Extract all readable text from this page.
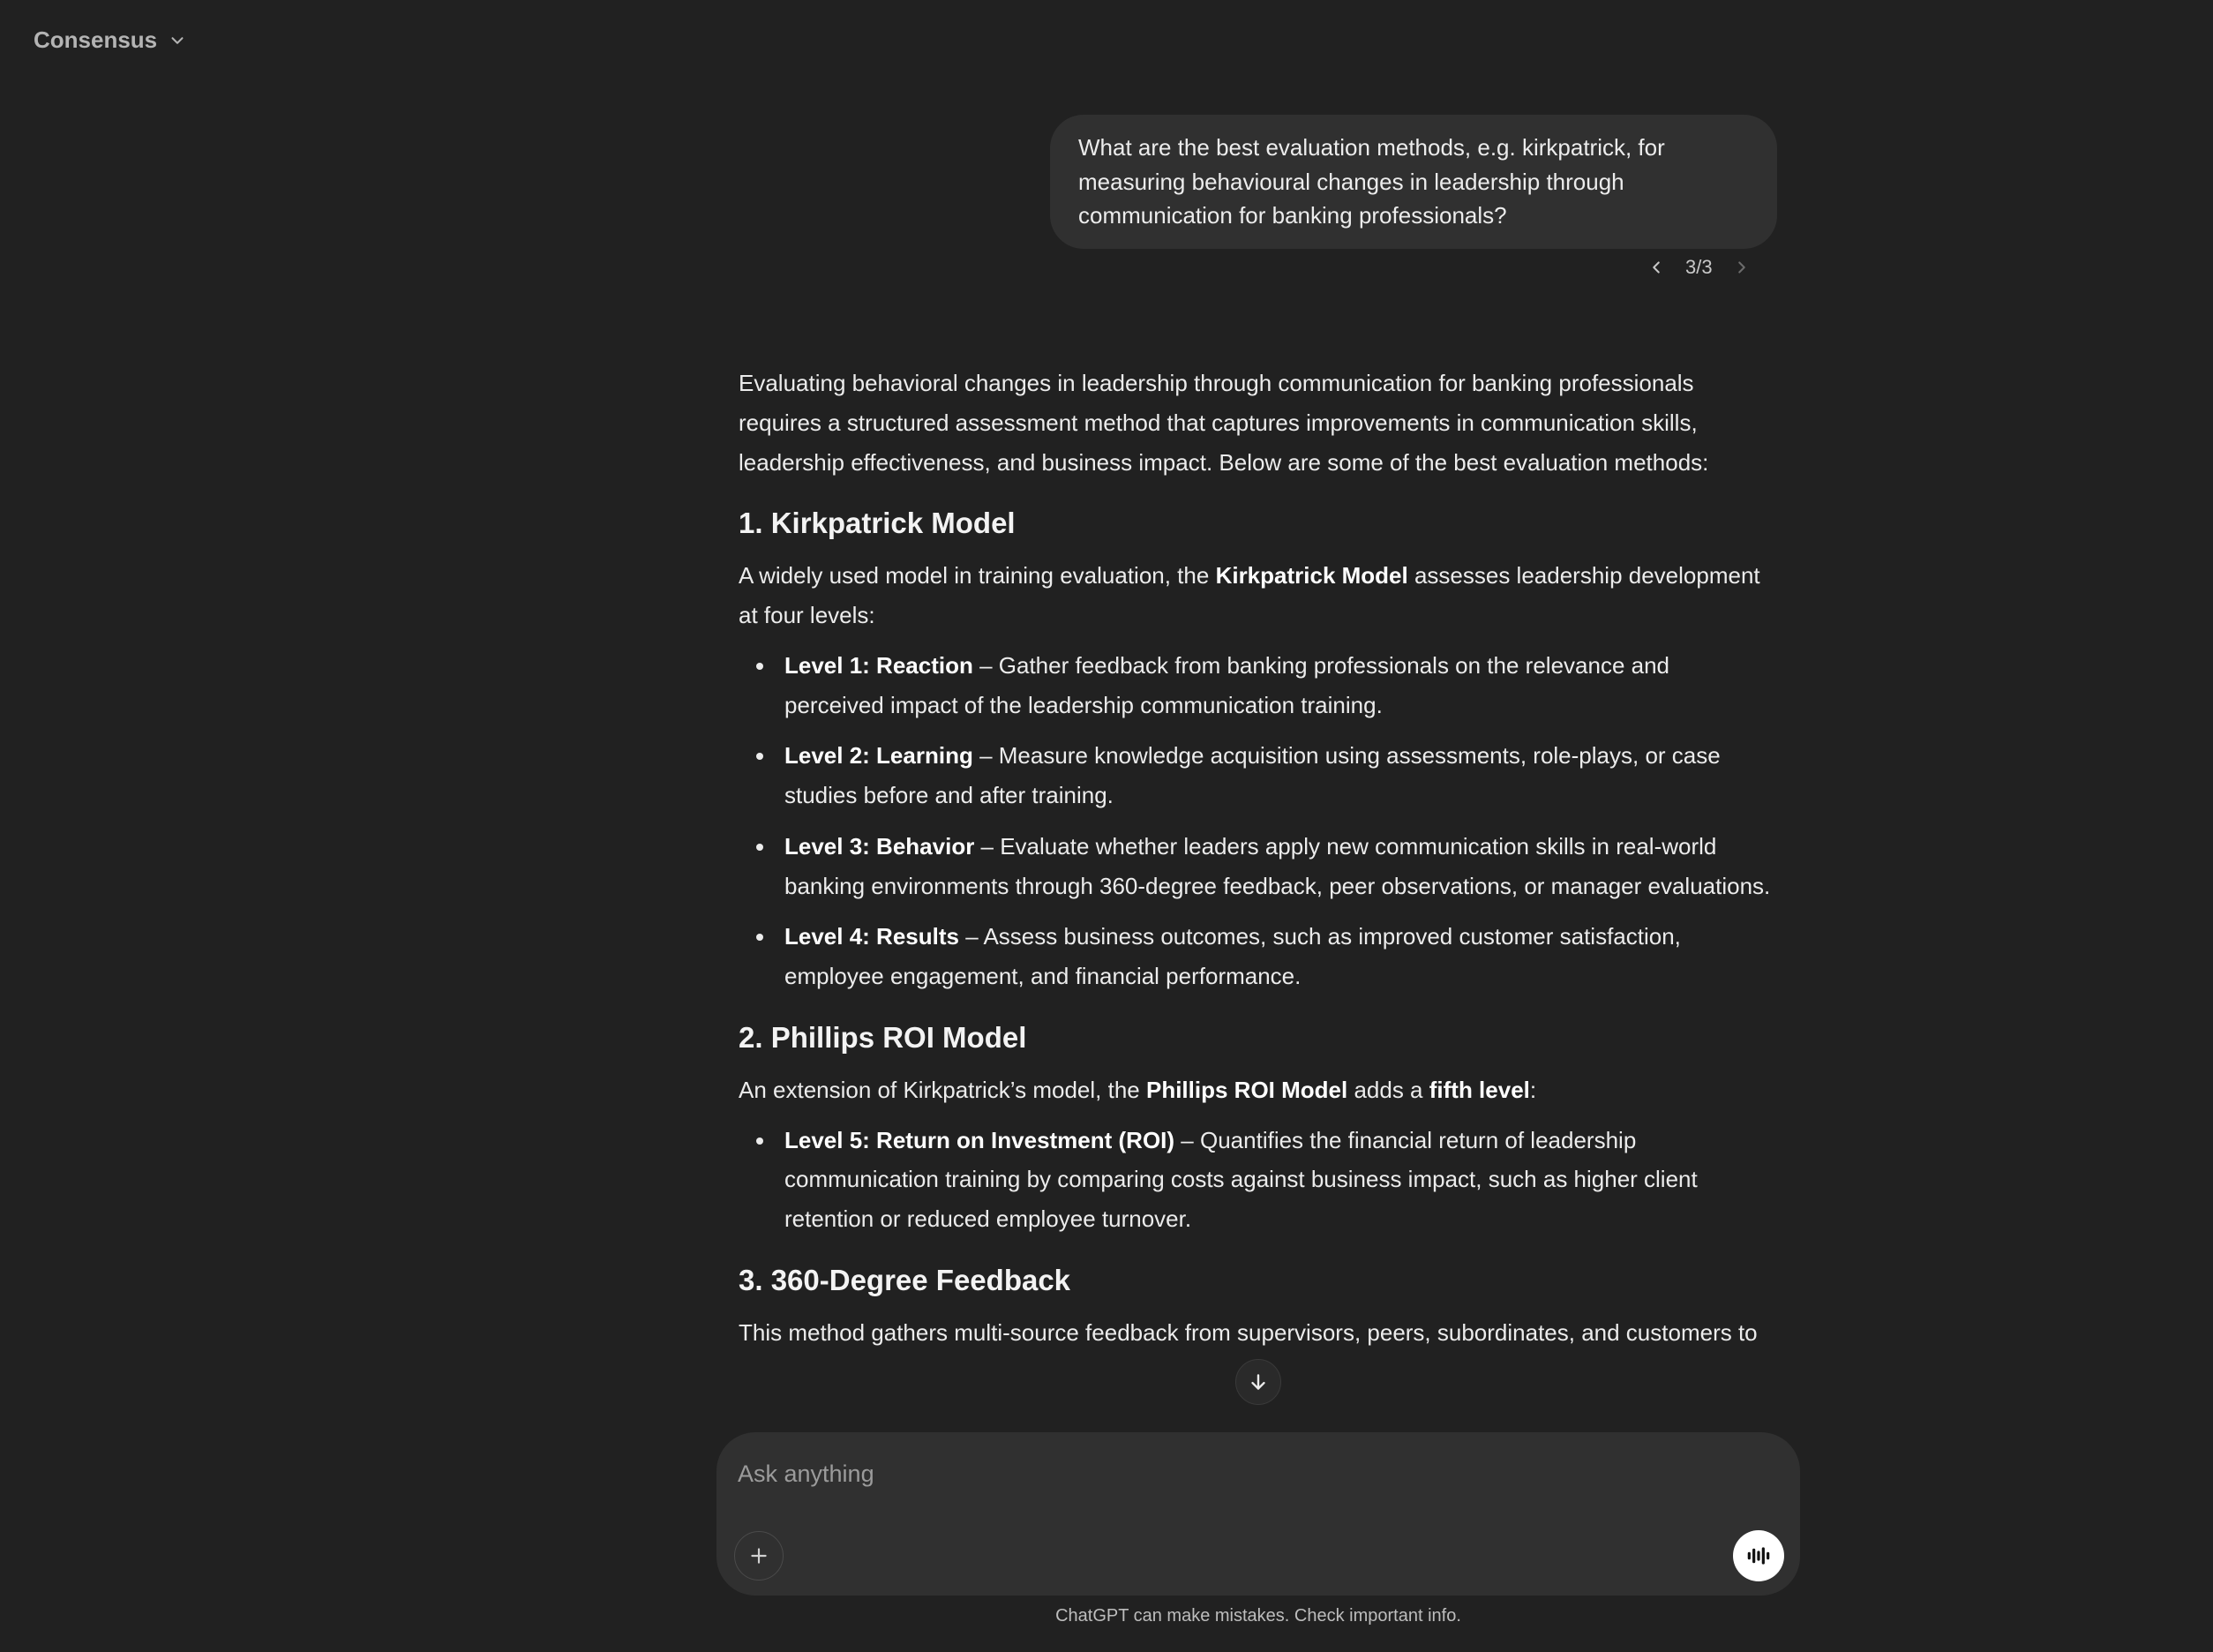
Consensus
What are the best evaluation methods, e.g. kirkpatrick, for measuring behavioural changes in leadership through communication for banking professionals?
3/3

Evaluating behavioral changes in leadership through communication for banking professionals requires a structured assessment method that captures improvements in communication skills, leadership effectiveness, and business impact. Below are some of the best evaluation methods:

1. Kirkpatrick Model

A widely used model in training evaluation, the Kirkpatrick Model assesses leadership development at four levels:

Level 1: Reaction – Gather feedback from banking professionals on the relevance and perceived impact of the leadership communication training.
Level 2: Learning – Measure knowledge acquisition using assessments, role-plays, or case studies before and after training.
Level 3: Behavior – Evaluate whether leaders apply new communication skills in real-world banking environments through 360-degree feedback, peer observations, or manager evaluations.
Level 4: Results – Assess business outcomes, such as improved customer satisfaction, employee engagement, and financial performance.
2. Phillips ROI Model

An extension of Kirkpatrick’s model, the Phillips ROI Model adds a fifth level:

Level 5: Return on Investment (ROI) – Quantifies the financial return of leadership communication training by comparing costs against business impact, such as higher client retention or reduced employee turnover.
3. 360-Degree Feedback

This method gathers multi-source feedback from supervisors, peers, subordinates, and customers to

Ask anything
ChatGPT can make mistakes. Check important info.
